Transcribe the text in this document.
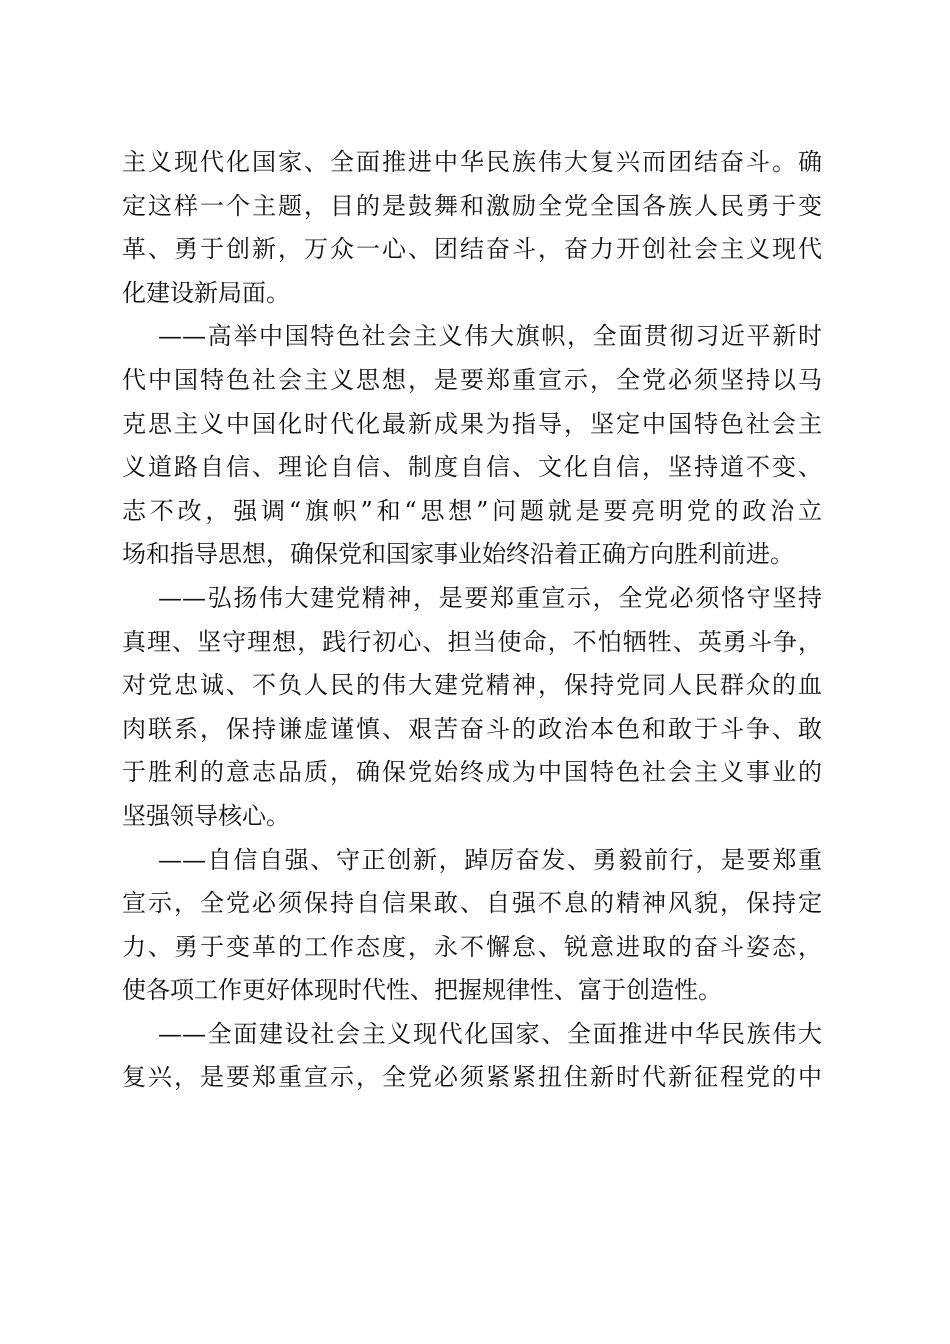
主义现代化国家、全面推进中华民族伟大复兴而团结奋斗。确
定这样一个主题，目的是鼓舞和激励全党全国各族人民勇于变
革、勇于创新，万众一心、团结奋斗，奋力开创社会主义现代
化建设新局面。
——高举中国特色社会主义伟大旗帜，全面贯彻习近平新时
代中国特色社会主义思想，是要郑重宣示，全党必须坚持以马
克思主义中国化时代化最新成果为指导，坚定中国特色社会主
义道路自信、理论自信、制度自信、文化自信，坚持道不变、
志不改，强调“旗帜”和“思想”问题就是要亮明党的政治立
场和指导思想，确保党和国家事业始终沿着正确方向胜利前进。
——弘扬伟大建党精神，是要郑重宣示，全党必须恪守坚持
真理、坚守理想，践行初心、担当使命，不怕牺牲、英勇斗争，
对党忠诚、不负人民的伟大建党精神，保持党同人民群众的血
肉联系，保持谦虚谨慎、艰苦奋斗的政治本色和敢于斗争、敢
于胜利的意志品质，确保党始终成为中国特色社会主义事业的
坚强领导核心。
——自信自强、守正创新，踔厉奋发、勇毅前行，是要郑重
宣示，全党必须保持自信果敢、自强不息的精神风貌，保持定
力、勇于变革的工作态度，永不懈怠、锐意进取的奋斗姿态，
使各项工作更好体现时代性、把握规律性、富于创造性。
——全面建设社会主义现代化国家、全面推进中华民族伟大
复兴，是要郑重宣示，全党必须紧紧扭住新时代新征程党的中
